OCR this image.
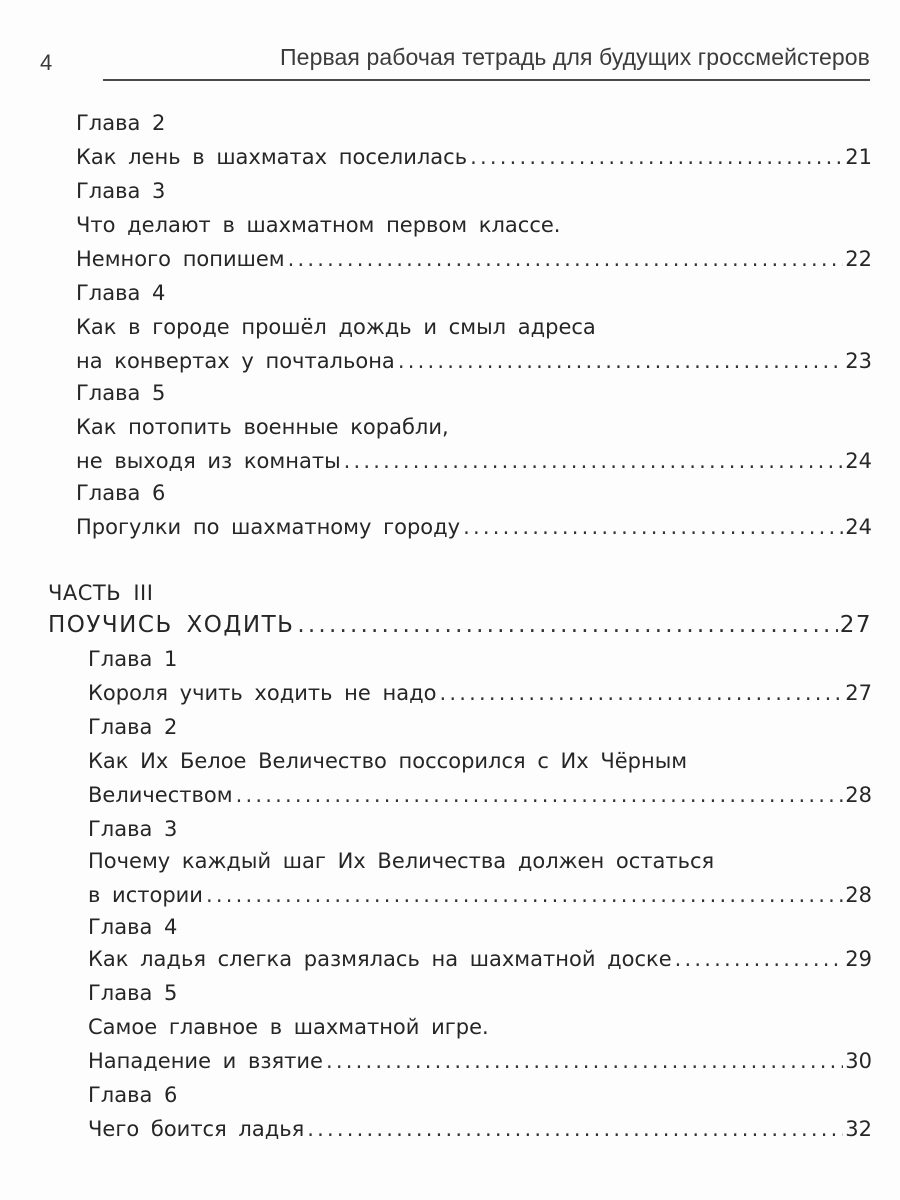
4	Первая рабочая тетрадь для будущих гроссмейстеров
Глава 2
Как лень в шахматах поселилась .....	21
Глава 3
Что делают в шахматном первом классе.
Немного попишем .....	22
Глава 4
Как в городе прошёл дождь и смыл адреса
на конвертах у почтальона .....	23
Глава 5
Как потопить военные корабли,
не выходя из комнаты .....	24
Глава 6
Прогулки по шахматному городу .....	24
ЧАСТЬ III
ПОУЧИСЬ ХОДИТЬ .....	27
Глава 1
Короля учить ходить не надо .....	27
Глава 2
Как Их Белое Величество поссорился с Их Чёрным
Величеством .....	28
Глава 3
Почему каждый шаг Их Величества должен остаться
в истории .....	28
Глава 4
Как ладья слегка размялась на шахматной доске .....	29
Глава 5
Самое главное в шахматной игре.
Нападение и взятие .....	30
Глава 6
Чего боится ладья .....	32
